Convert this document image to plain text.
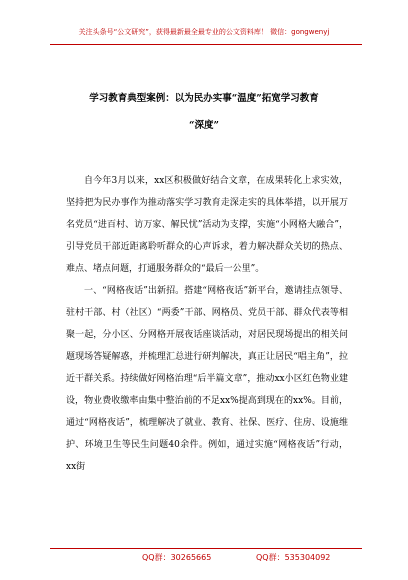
关注头条号“公文研究”，获得最新最全最专业的公文资料库！ 微信：gongwenyj
学习教育典型案例：以为民办实事“温度”拓宽学习教育
“深度”

自今年3月以来，xx区积极做好结合文章，在成果转化上求实效，坚持把为民办事作为推动落实学习教育走深走实的具体举措，以开展万名党员“进百村、访万家、解民忧”活动为支撑，实施“小网格大融合”，引导党员干部近距离聆听群众的心声诉求，着力解决群众关切的热点、难点、堵点问题，打通服务群众的“最后一公里”。

一、“网格夜话”出新招。搭建“网格夜话”新平台，邀请挂点领导、驻村干部、村（社区）“两委”干部、网格员、党员干部、群众代表等相聚一起，分小区、分网格开展夜话座谈活动，对居民现场提出的相关问题现场答疑解惑，并梳理汇总进行研判解决，真正让居民“唱主角”，拉近干群关系。持续做好网格治理“后半篇文章”，推动xx小区红色物业建设，物业费收缴率由集中整治前的不足xx%提高到现在的xx%。目前，通过“网格夜话”，梳理解决了就业、教育、社保、医疗、住房、设施维护、环境卫生等民生问题40余件。例如，通过实施“网格夜话”行动，xx街

QQ群：30265665	QQ群：535304092
